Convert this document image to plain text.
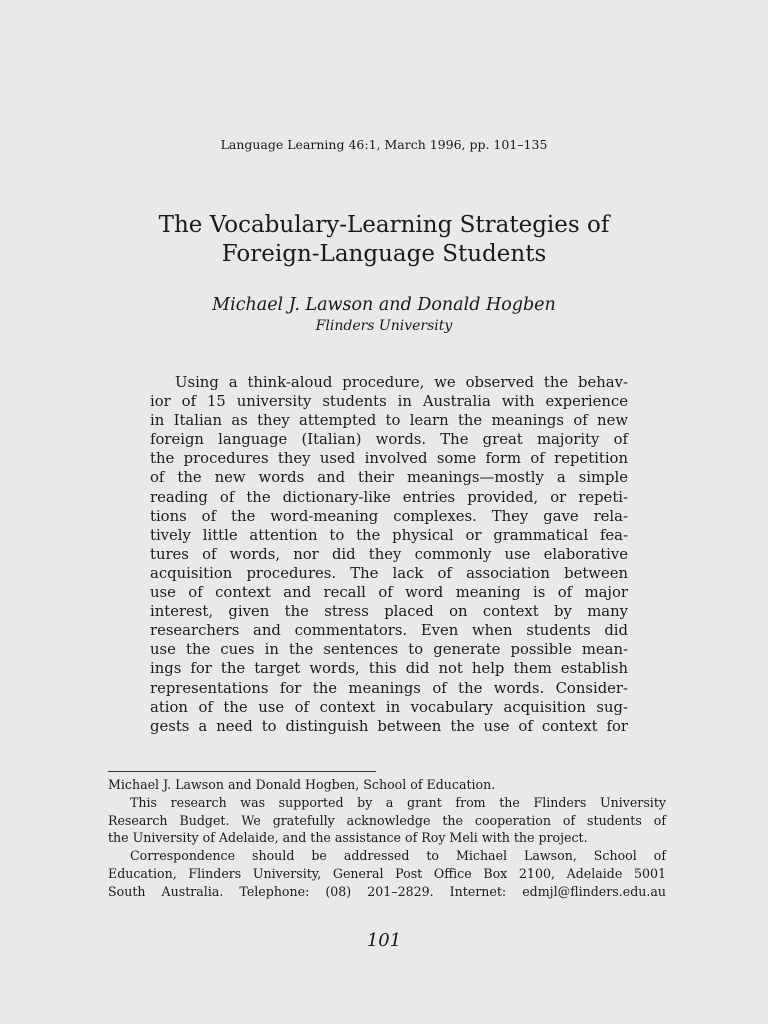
Language Learning 46:1, March 1996, pp. 101–135
The Vocabulary-Learning Strategies of
Foreign-Language Students
Michael J. Lawson and Donald Hogben
Flinders University
Using a think-aloud procedure, we observed the behav-
ior of 15 university students in Australia with experience
in Italian as they attempted to learn the meanings of new
foreign language (Italian) words. The great majority of
the procedures they used involved some form of repetition
of the new words and their meanings—mostly a simple
reading of the dictionary-like entries provided, or repeti-
tions of the word-meaning complexes. They gave rela-
tively little attention to the physical or grammatical fea-
tures of words, nor did they commonly use elaborative
acquisition procedures. The lack of association between
use of context and recall of word meaning is of major
interest, given the stress placed on context by many
researchers and commentators. Even when students did
use the cues in the sentences to generate possible mean-
ings for the target words, this did not help them establish
representations for the meanings of the words. Consider-
ation of the use of context in vocabulary acquisition sug-
gests a need to distinguish between the use of context for
Michael J. Lawson and Donald Hogben, School of Education.
This research was supported by a grant from the Flinders University
Research Budget. We gratefully acknowledge the cooperation of students of
the University of Adelaide, and the assistance of Roy Meli with the project.
Correspondence should be addressed to Michael Lawson, School of
Education, Flinders University, General Post Office Box 2100, Adelaide 5001
South Australia. Telephone: (08) 201–2829. Internet: edmjl@flinders.edu.au
101
